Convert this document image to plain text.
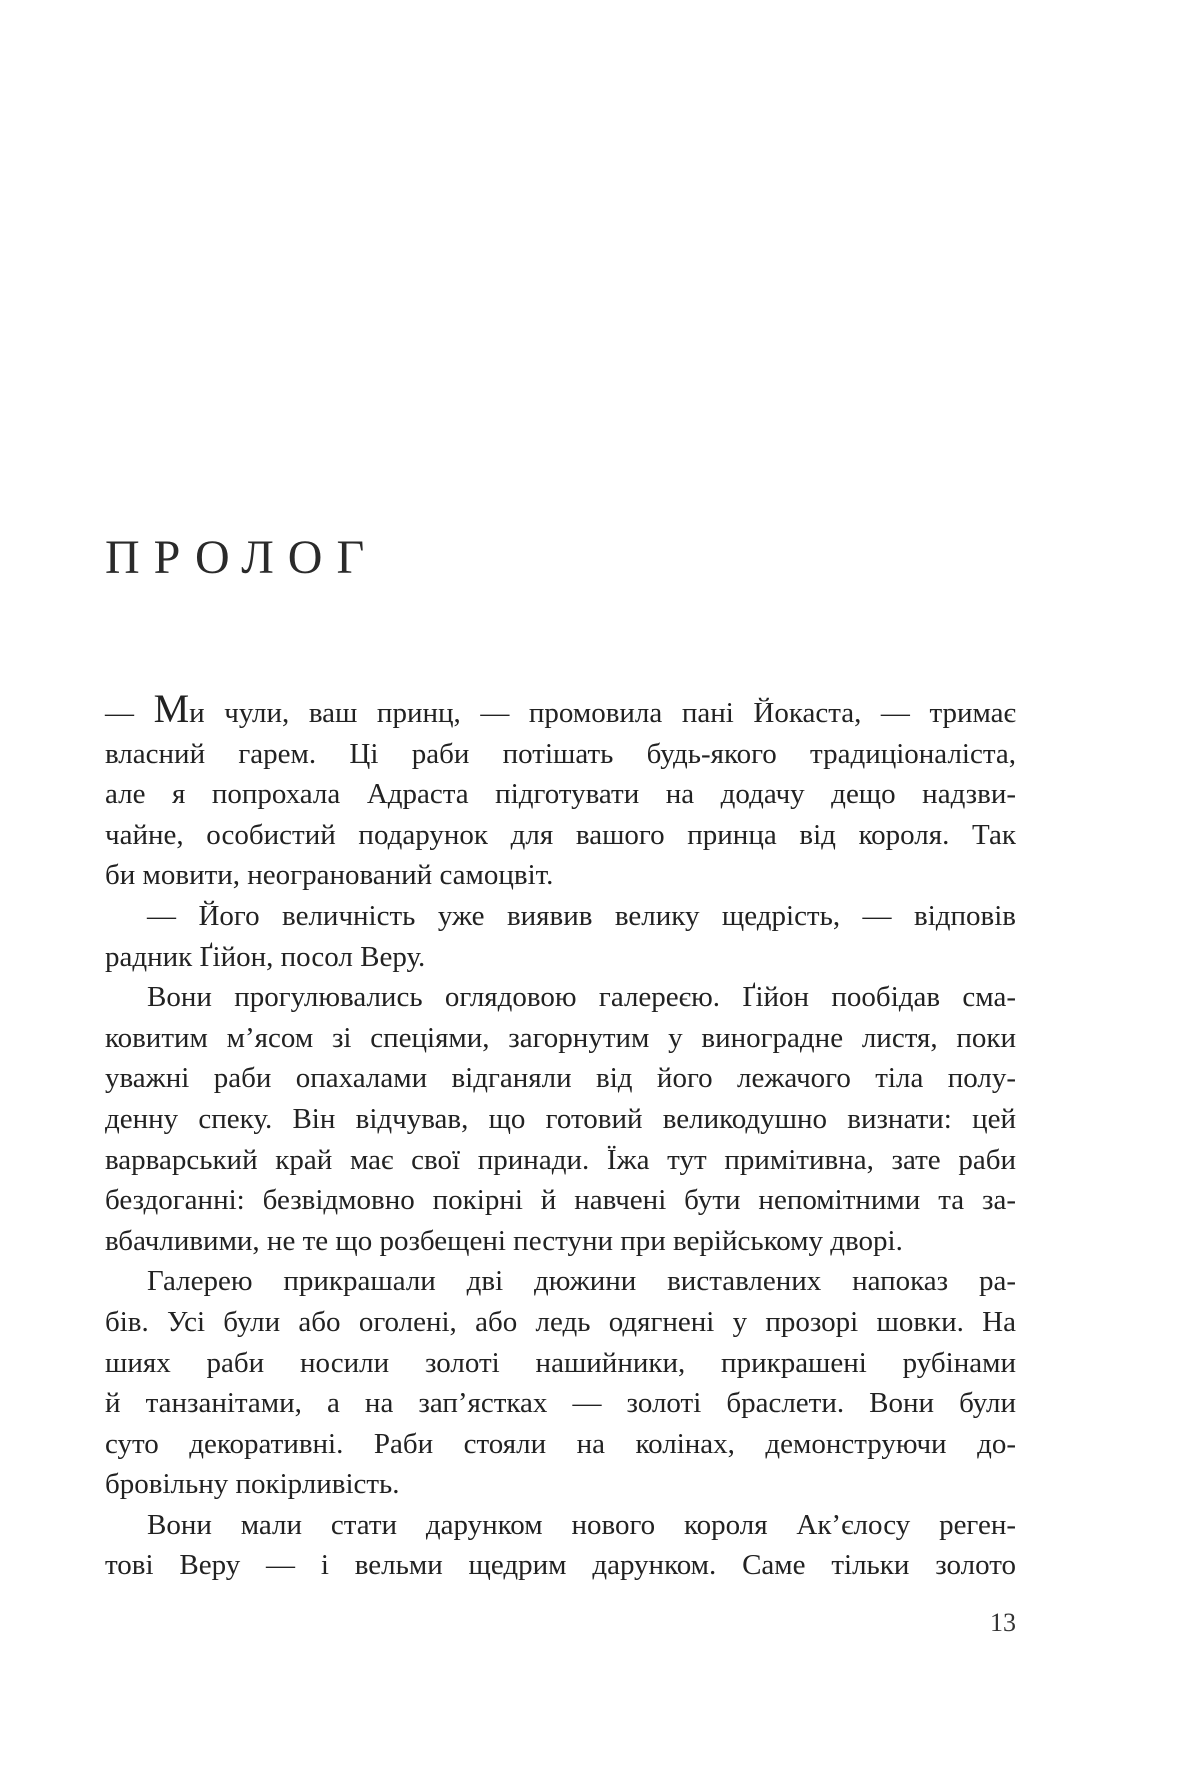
ПРОЛОГ
— Ми чули, ваш принц, — промовила пані Йокаста, — тримає
власний гарем. Ці раби потішать будь-якого традиціоналіста,
але я попрохала Адраста підготувати на додачу дещо надзви-
чайне, особистий подарунок для вашого принца від короля. Так
би мовити, неогранований самоцвіт.
— Його величність уже виявив велику щедрість, — відповів
радник Ґійон, посол Веру.
Вони прогулювались оглядовою галереєю. Ґійон пообідав сма-
ковитим м’ясом зі спеціями, загорнутим у виноградне листя, поки
уважні раби опахалами відганяли від його лежачого тіла полу-
денну спеку. Він відчував, що готовий великодушно визнати: цей
варварський край має свої принади. Їжа тут примітивна, зате раби
бездоганні: безвідмовно покірні й навчені бути непомітними та за-
вбачливими, не те що розбещені пестуни при верійському дворі.
Галерею прикрашали дві дюжини виставлених напоказ ра-
бів. Усі були або оголені, або ледь одягнені у прозорі шовки. На
шиях раби носили золоті нашийники, прикрашені рубінами
й танзанітами, а на зап’ястках — золоті браслети. Вони були
суто декоративні. Раби стояли на колінах, демонструючи до-
бровільну покірливість.
Вони мали стати дарунком нового короля Ак’єлосу реген-
тові Веру — і вельми щедрим дарунком. Саме тільки золото

13
